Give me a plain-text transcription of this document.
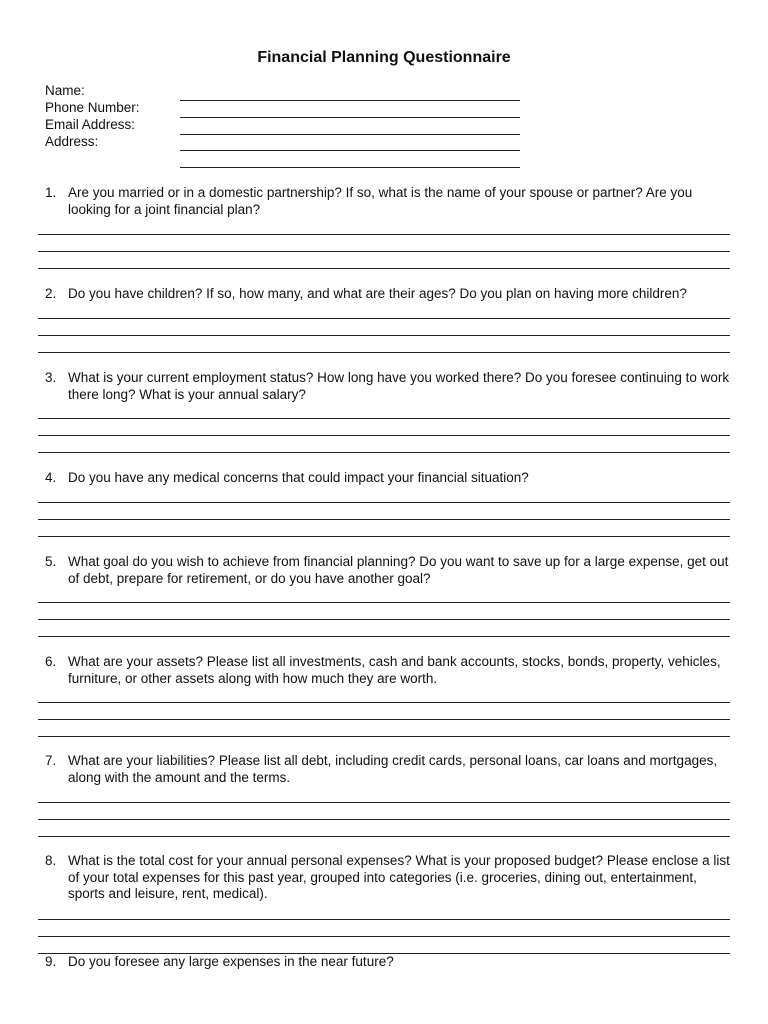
Financial Planning Questionnaire
Name:
Phone Number:
Email Address:
Address:
1. Are you married or in a domestic partnership? If so, what is the name of your spouse or partner? Are you looking for a joint financial plan?
2. Do you have children? If so, how many, and what are their ages? Do you plan on having more children?
3. What is your current employment status? How long have you worked there? Do you foresee continuing to work there long? What is your annual salary?
4. Do you have any medical concerns that could impact your financial situation?
5. What goal do you wish to achieve from financial planning? Do you want to save up for a large expense, get out of debt, prepare for retirement, or do you have another goal?
6. What are your assets? Please list all investments, cash and bank accounts, stocks, bonds, property, vehicles, furniture, or other assets along with how much they are worth.
7. What are your liabilities? Please list all debt, including credit cards, personal loans, car loans and mortgages, along with the amount and the terms.
8. What is the total cost for your annual personal expenses? What is your proposed budget? Please enclose a list of your total expenses for this past year, grouped into categories (i.e. groceries, dining out, entertainment, sports and leisure, rent, medical).
9. Do you foresee any large expenses in the near future?
